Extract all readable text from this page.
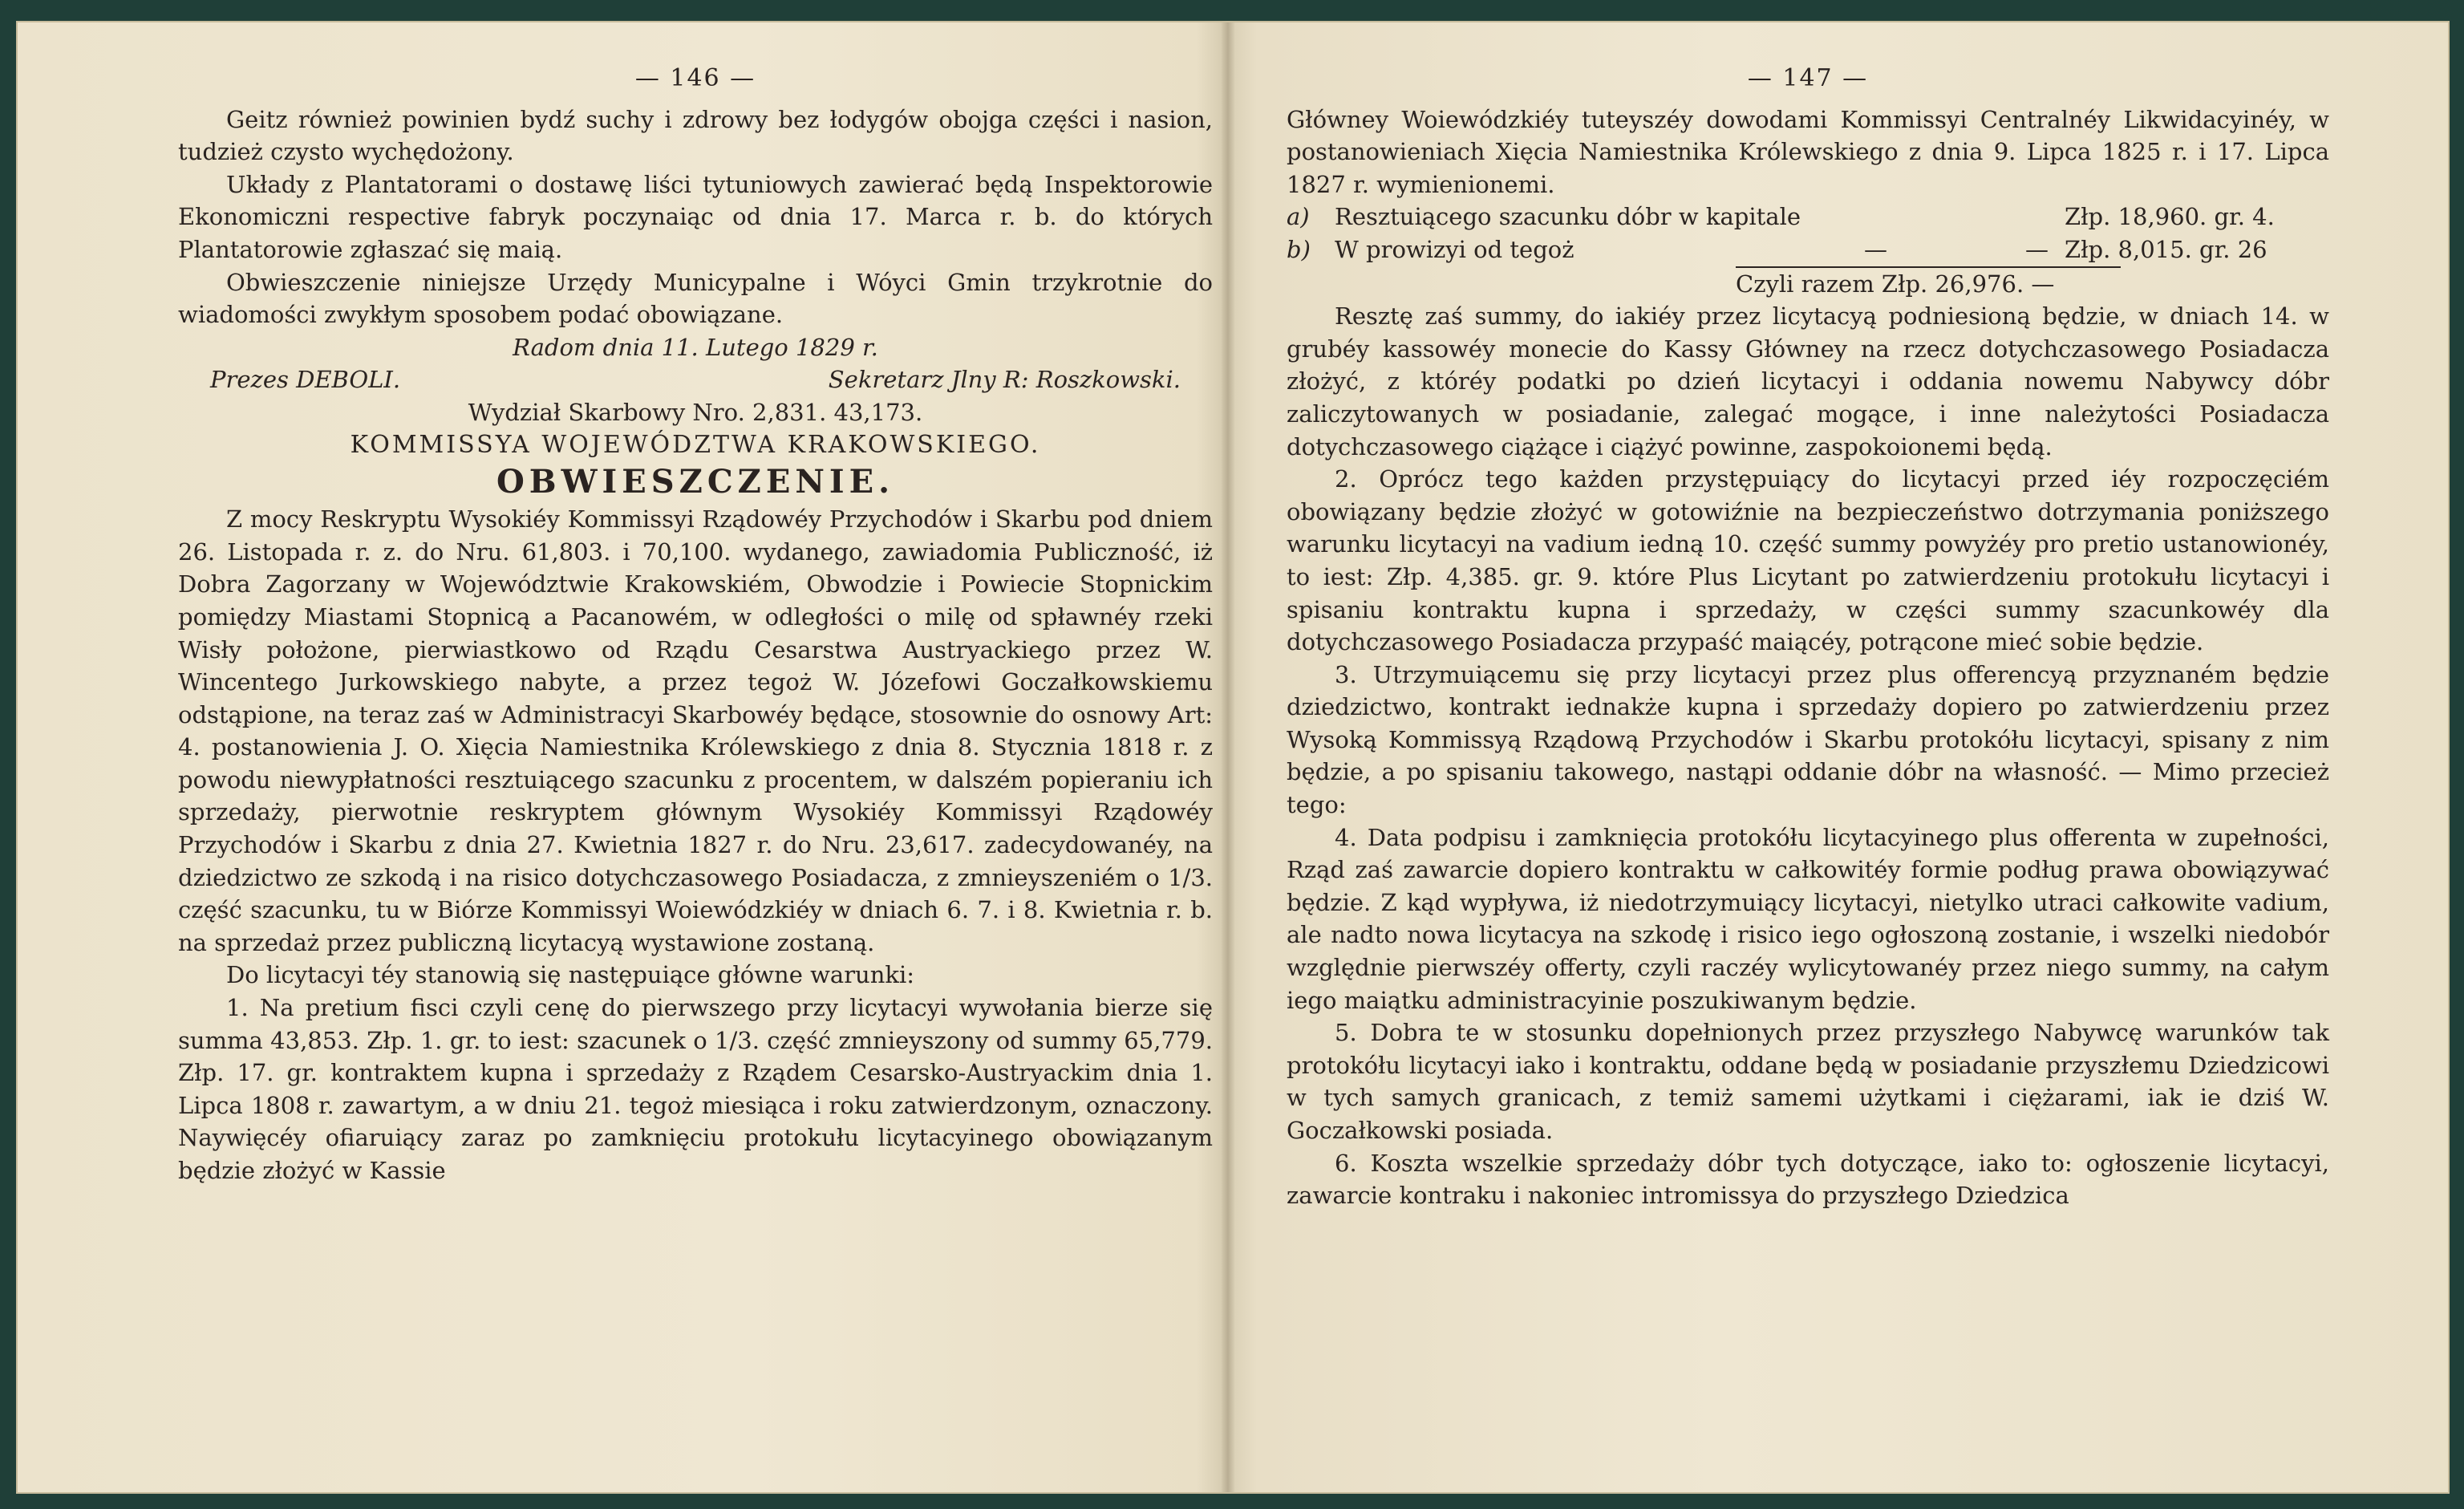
— 146 —

Geitz również powinien bydź suchy i zdrowy bez łodygów obojga części i nasion, tudzież czysto wychędożony.

Układy z Plantatorami o dostawę liści tytuniowych zawierać będą Inspektorowie Ekonomiczni respective fabryk poczynaiąc od dnia 17. Marca r. b. do których Plantatorowie zgłaszać się maią.

Obwieszczenie niniejsze Urzędy Municypalne i Wóyci Gmin trzykrotnie do wiadomości zwykłym sposobem podać obowiązane.

Radom dnia 11. Lutego 1829 r.

Prezes DEBOLI.	Sekretarz Jlny R: Roszkowski.

Wydział Skarbowy Nro. 2,831. 43,173.

KOMMISSYA WOJEWÓDZTWA KRAKOWSKIEGO.
OBWIESZCZENIE.

Z mocy Reskryptu Wysokiéy Kommissyi Rządowéy Przychodów i Skarbu pod dniem 26. Listopada r. z. do Nru. 61,803. i 70,100. wydanego, zawiadomia Publiczność, iż Dobra Zagorzany w Województwie Krakowskiém, Obwodzie i Powiecie Stopnickim pomiędzy Miastami Stopnicą a Pacanowém, w odległości o milę od spławnéy rzeki Wisły położone, pierwiastkowo od Rządu Cesarstwa Austryackiego przez W. Wincentego Jurkowskiego nabyte, a przez tegoż W. Józefowi Goczałkowskiemu odstąpione, na teraz zaś w Administracyi Skarbowéy będące, stosownie do osnowy Art: 4. postanowienia J. O. Xięcia Namiestnika Królewskiego z dnia 8. Stycznia 1818 r. z powodu niewypłatności resztuiącego szacunku z procentem, w dalszém popieraniu ich sprzedaży, pierwotnie reskryptem głównym Wysokiéy Kommissyi Rządowéy Przychodów i Skarbu z dnia 27. Kwietnia 1827 r. do Nru. 23,617. zadecydowanéy, na dziedzictwo ze szkodą i na risico dotychczasowego Posiadacza, z zmnieyszeniém o 1/3. część szacunku, tu w Biórze Kommissyi Woiewódzkiéy w dniach 6. 7. i 8. Kwietnia r. b. na sprzedaż przez publiczną licytacyą wystawione zostaną.

Do licytacyi téy stanowią się następuiące główne warunki:

1. Na pretium fisci czyli cenę do pierwszego przy licytacyi wywołania bierze się summa 43,853. Złp. 1. gr. to iest: szacunek o 1/3. część zmnieyszony od summy 65,779. Złp. 17. gr. kontraktem kupna i sprzedaży z Rządem Cesarsko-Austryackim dnia 1. Lipca 1808 r. zawartym, a w dniu 21. tegoż miesiąca i roku zatwierdzonym, oznaczony. Naywięcéy ofiaruiący zaraz po zamknięciu protokułu licytacyinego obowiązanym będzie złożyć w Kassie

— 147 —

Główney Woiewódzkiéy tuteyszéy dowodami Kommissyi Centralnéy Likwidacyinéy, w postanowieniach Xięcia Namiestnika Królewskiego z dnia 9. Lipca 1825 r. i 17. Lipca 1827 r. wymienionemi.

a)	Resztuiącego szacunku dóbr w kapitale	Złp. 18,960. gr. 4.
b)	W prowizyi od tegoż	—	— Złp. 8,015. gr. 26
Czyli razem Złp. 26,976. —

Resztę zaś summy, do iakiéy przez licytacyą podniesioną będzie, w dniach 14. w grubéy kassowéy monecie do Kassy Główney na rzecz dotychczasowego Posiadacza złożyć, z któréy podatki po dzień licytacyi i oddania nowemu Nabywcy dóbr zaliczytowanych w posiadanie, zalegać mogące, i inne należytości Posiadacza dotychczasowego ciążące i ciążyć powinne, zaspokoionemi będą.

2. Oprócz tego każden przystępuiący do licytacyi przed iéy rozpoczęciém obowiązany będzie złożyć w gotowiźnie na bezpieczeństwo dotrzymania poniższego warunku licytacyi na vadium iedną 10. część summy powyżéy pro pretio ustanowionéy, to iest: Złp. 4,385. gr. 9. które Plus Licytant po zatwierdzeniu protokułu licytacyi i spisaniu kontraktu kupna i sprzedaży, w części summy szacunkowéy dla dotychczasowego Posiadacza przypaść maiącéy, potrącone mieć sobie będzie.

3. Utrzymuiącemu się przy licytacyi przez plus offerencyą przyznaném będzie dziedzictwo, kontrakt iednakże kupna i sprzedaży dopiero po zatwierdzeniu przez Wysoką Kommissyą Rządową Przychodów i Skarbu protokółu licytacyi, spisany z nim będzie, a po spisaniu takowego, nastąpi oddanie dóbr na własność. — Mimo przecież tego:

4. Data podpisu i zamknięcia protokółu licytacyinego plus offerenta w zupełności, Rząd zaś zawarcie dopiero kontraktu w całkowitéy formie podług prawa obowiązywać będzie. Z kąd wypływa, iż niedotrzymuiący licytacyi, nietylko utraci całkowite vadium, ale nadto nowa licytacya na szkodę i risico iego ogłoszoną zostanie, i wszelki niedobór względnie pierwszéy offerty, czyli raczéy wylicytowanéy przez niego summy, na całym iego maiątku administracyinie poszukiwanym będzie.

5. Dobra te w stosunku dopełnionych przez przyszłego Nabywcę warunków tak protokółu licytacyi iako i kontraktu, oddane będą w posiadanie przyszłemu Dziedzicowi w tych samych granicach, z temiż samemi użytkami i ciężarami, iak ie dziś W. Goczałkowski posiada.

6. Koszta wszelkie sprzedaży dóbr tych dotyczące, iako to: ogłoszenie licytacyi, zawarcie kontraku i nakoniec intromissya do przyszłego Dziedzica
